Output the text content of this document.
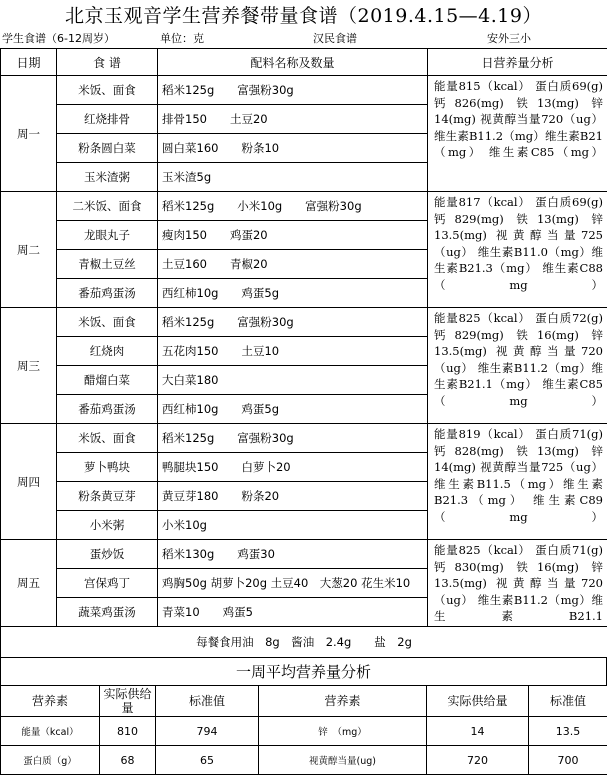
北京玉观音学生营养餐带量食谱（2019.4.15—4.19）
学生食谱（6-12周岁）	单位：克	汉民食谱	安外三小
日期	食 谱	配料名称及数量	日营养量分析
周一	米饭、面食	稻米125g　　富强粉30g	能量815（kcal） 蛋白质69(g) 钙826(mg) 铁13(mg) 锌14(mg) 视黄醇当量720（ug） 维生素B11.2（mg）维生素B21（mg） 维生素C85（mg）

	红烧排骨	排骨150　　土豆20	
	粉条圆白菜	圆白菜160　　粉条10	
	玉米渣粥	玉米渣5g	
周二	二米饭、面食	稻米125g　　小米10g　　富强粉30g	能量817（kcal） 蛋白质69(g) 钙829(mg) 铁13(mg) 锌13.5(mg) 视黄醇当量725（ug） 维生素B11.0（mg）维生素B21.3（mg） 维生素C88（mg）

	龙眼丸子	瘦肉150　　鸡蛋20	
	青椒土豆丝	土豆160　　青椒20	
	番茄鸡蛋汤	西红柿10g　　鸡蛋5g	
周三	米饭、面食	稻米125g　　富强粉30g	能量825（kcal） 蛋白质72(g) 钙829(mg) 铁16(mg) 锌13.5(mg) 视黄醇当量720（ug） 维生素B11.2（mg）维生素B21.1（mg） 维生素C85（mg）

	红烧肉	五花肉150　　土豆10	
	醋熘白菜	大白菜180	
	番茄鸡蛋汤	西红柿10g　　鸡蛋5g	
周四	米饭、面食	稻米125g　　富强粉30g	能量819（kcal） 蛋白质71(g) 钙828(mg) 铁13(mg) 锌14(mg) 视黄醇当量725（ug） 维生素B11.5（mg）维生素B21.3（mg） 维生素C89（mg）

	萝卜鸭块	鸭腿块150　　白萝卜20	
	粉条黄豆芽	黄豆芽180　　粉条20	
	小米粥	小米10g	
周五	蛋炒饭	稻米130g　　鸡蛋30	能量825（kcal） 蛋白质71(g) 钙830(mg) 铁16(mg) 锌13.5(mg) 视黄醇当量720（ug） 维生素B11.2（mg）维生素B21.1

	宫保鸡丁	鸡胸50g 胡萝卜20g 土豆40　大葱20 花生米10	
	蔬菜鸡蛋汤	青菜10　　鸡蛋5	
每餐食用油　8g　酱油　2.4g　　盐　2g			
一周平均营养量分析
营养素	实际供给量	标准值	营养素	实际供给量	标准值
能量（kcal）	810	794	锌　（mg）	14	13.5
蛋白质（g）	68	65	视黄醇当量(ug)	720	700
